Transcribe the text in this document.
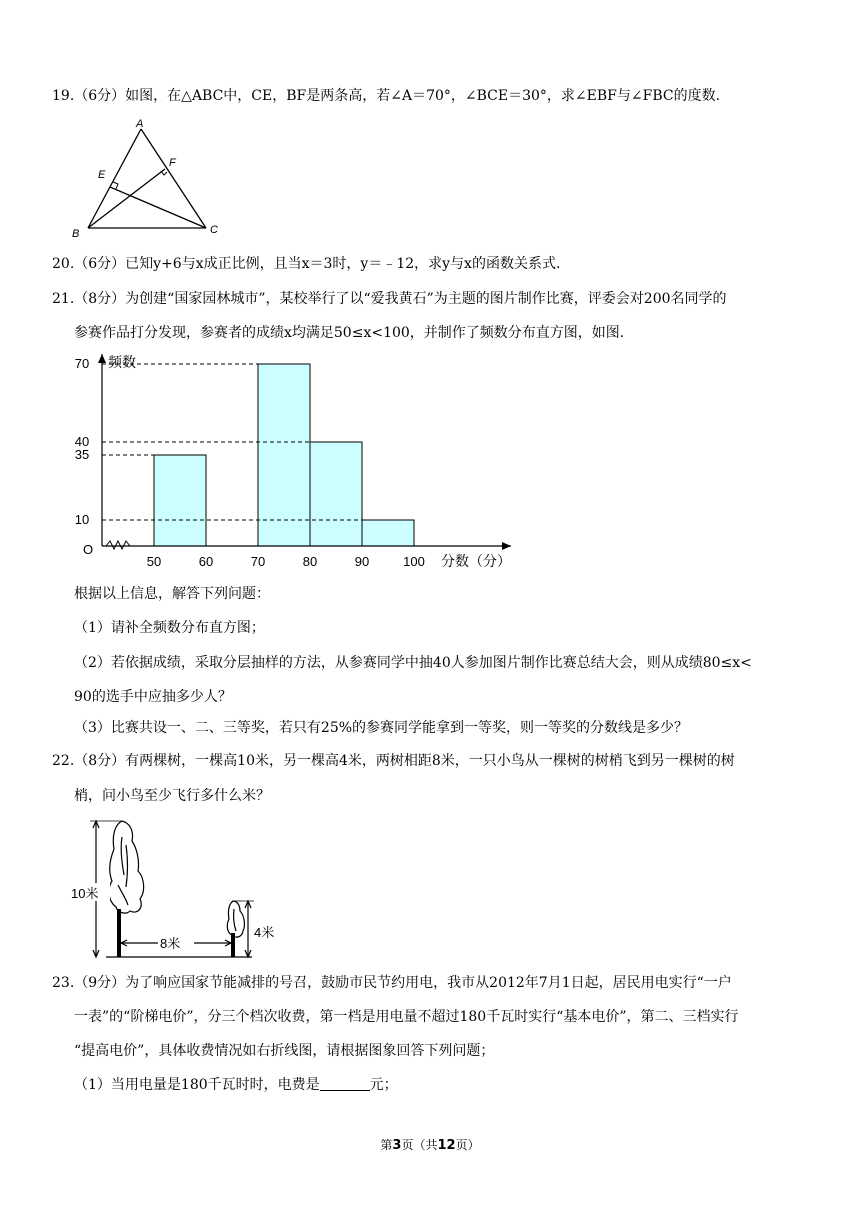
19.（6分）如图，在△ABC中，CE，BF是两条高，若∠A＝70°，∠BCE＝30°，求∠EBF与∠FBC的度数.
A
E
F
B	C
20.（6分）已知y+6与x成正比例，且当x＝3时，y＝﹣12，求y与x的函数关系式.
21.（8分）为创建“国家园林城市”，某校举行了以“爱我黄石”为主题的图片制作比赛，评委会对200名同学的
参赛作品打分发现，参赛者的成绩x均满足50≤x<100，并制作了频数分布直方图，如图.
频数
分数（分）
O
10
35
40
70
50	60	70	80	90	100
根据以上信息，解答下列问题：
（1）请补全频数分布直方图；
（2）若依据成绩，采取分层抽样的方法，从参赛同学中抽40人参加图片制作比赛总结大会，则从成绩80≤x<
90的选手中应抽多少人？
（3）比赛共设一、二、三等奖，若只有25%的参赛同学能拿到一等奖，则一等奖的分数线是多少？
22.（8分）有两棵树，一棵高10米，另一棵高4米，两树相距8米，一只小鸟从一棵树的树梢飞到另一棵树的树
梢，问小鸟至少飞行多什么米？
10米
4米
8米
23.（9分）为了响应国家节能减排的号召，鼓励市民节约用电，我市从2012年7月1日起，居民用电实行“一户
一表”的“阶梯电价”，分三个档次收费，第一档是用电量不超过180千瓦时实行“基本电价”，第二、三档实行
“提高电价”，具体收费情况如右折线图，请根据图象回答下列问题；
（1）当用电量是180千瓦时时，电费是	元；
第3页（共12页）
